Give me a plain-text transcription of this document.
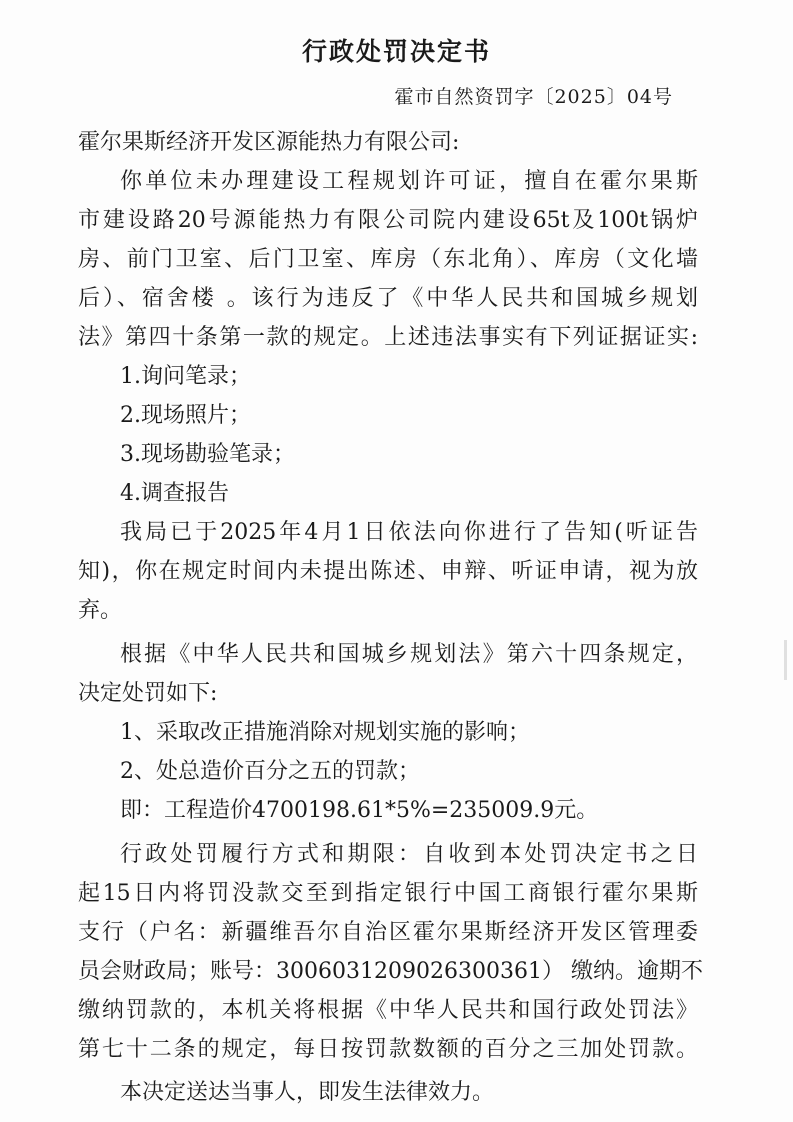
行政处罚决定书
霍市自然资罚字〔2025〕04号
霍尔果斯经济开发区源能热力有限公司:
你单位未办理建设工程规划许可证，擅自在霍尔果斯
市建设路20号源能热力有限公司院内建设65t及100t锅炉
房、前门卫室、后门卫室、库房（东北角）、库房（文化墙
后）、宿舍楼 。该行为违反了《中华人民共和国城乡规划
法》第四十条第一款的规定。上述违法事实有下列证据证实:
1.询问笔录；
2.现场照片；
3.现场勘验笔录；
4.调查报告
我局已于2025年4月1日依法向你进行了告知(听证告
知)，你在规定时间内未提出陈述、申辩、听证申请，视为放
弃。
根据《中华人民共和国城乡规划法》第六十四条规定，
决定处罚如下:
1、采取改正措施消除对规划实施的影响；
2、处总造价百分之五的罚款；
即：工程造价4700198.61*5%=235009.9元。
行政处罚履行方式和期限：自收到本处罚决定书之日
起15日内将罚没款交至到指定银行中国工商银行霍尔果斯
支行（户名：新疆维吾尔自治区霍尔果斯经济开发区管理委
员会财政局；账号：3006031209026300361） 缴纳。逾期不
缴纳罚款的，本机关将根据《中华人民共和国行政处罚法》
第七十二条的规定，每日按罚款数额的百分之三加处罚款。
本决定送达当事人，即发生法律效力。
